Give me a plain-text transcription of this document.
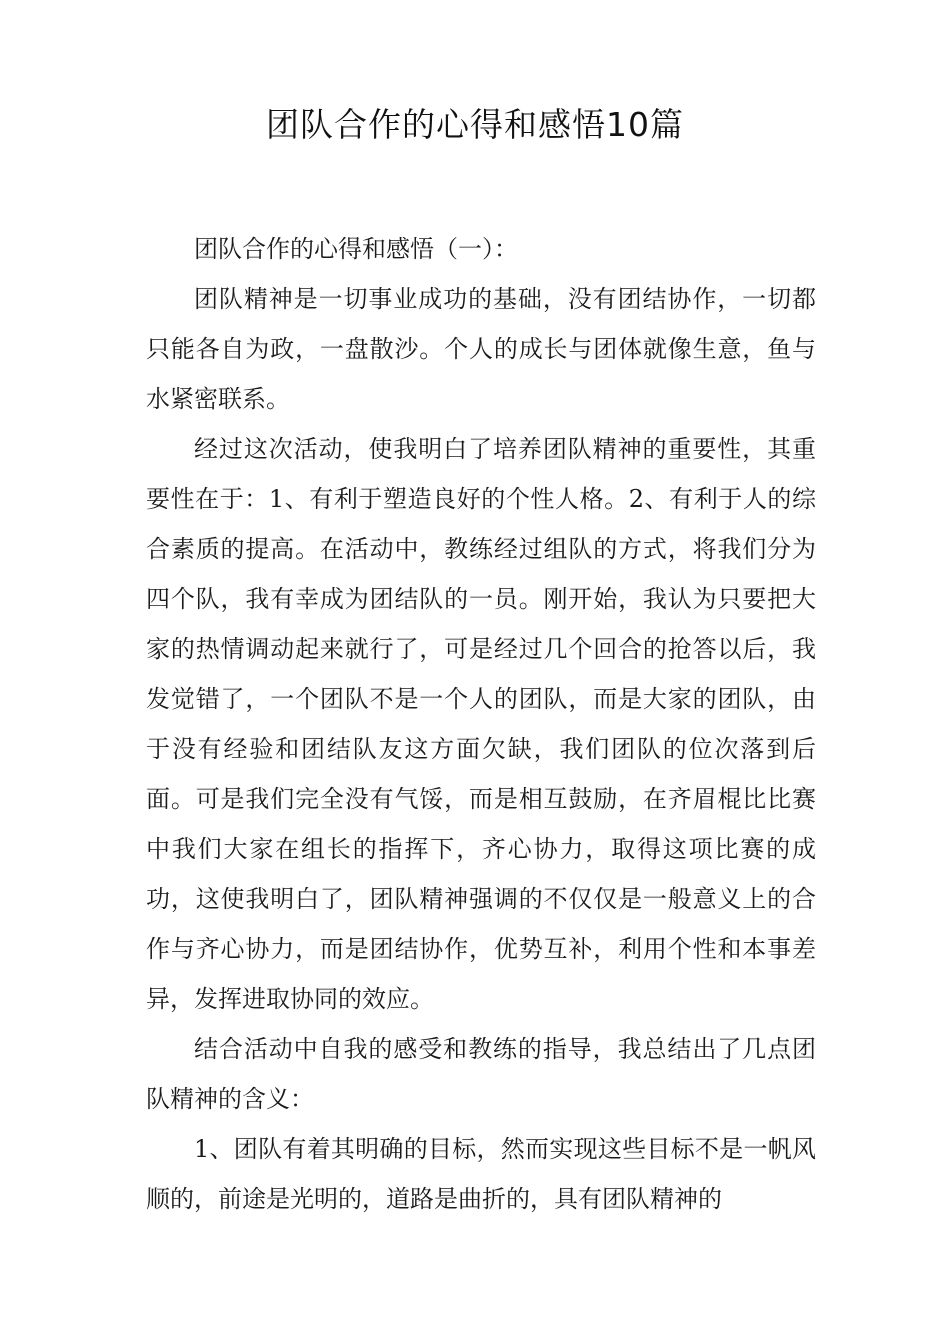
团队合作的心得和感悟10篇

团队合作的心得和感悟（一）：

团队精神是一切事业成功的基础，没有团结协作，一切都只能各自为政，一盘散沙。个人的成长与团体就像生意，鱼与水紧密联系。

经过这次活动，使我明白了培养团队精神的重要性，其重要性在于：1、有利于塑造良好的个性人格。2、有利于人的综合素质的提高。在活动中，教练经过组队的方式，将我们分为四个队，我有幸成为团结队的一员。刚开始，我认为只要把大家的热情调动起来就行了，可是经过几个回合的抢答以后，我发觉错了，一个团队不是一个人的团队，而是大家的团队，由于没有经验和团结队友这方面欠缺，我们团队的位次落到后面。可是我们完全没有气馁，而是相互鼓励，在齐眉棍比比赛中我们大家在组长的指挥下，齐心协力，取得这项比赛的成功，这使我明白了，团队精神强调的不仅仅是一般意义上的合作与齐心协力，而是团结协作，优势互补，利用个性和本事差异，发挥进取协同的效应。

结合活动中自我的感受和教练的指导，我总结出了几点团队精神的含义：

1、团队有着其明确的目标，然而实现这些目标不是一帆风顺的，前途是光明的，道路是曲折的，具有团队精神的
